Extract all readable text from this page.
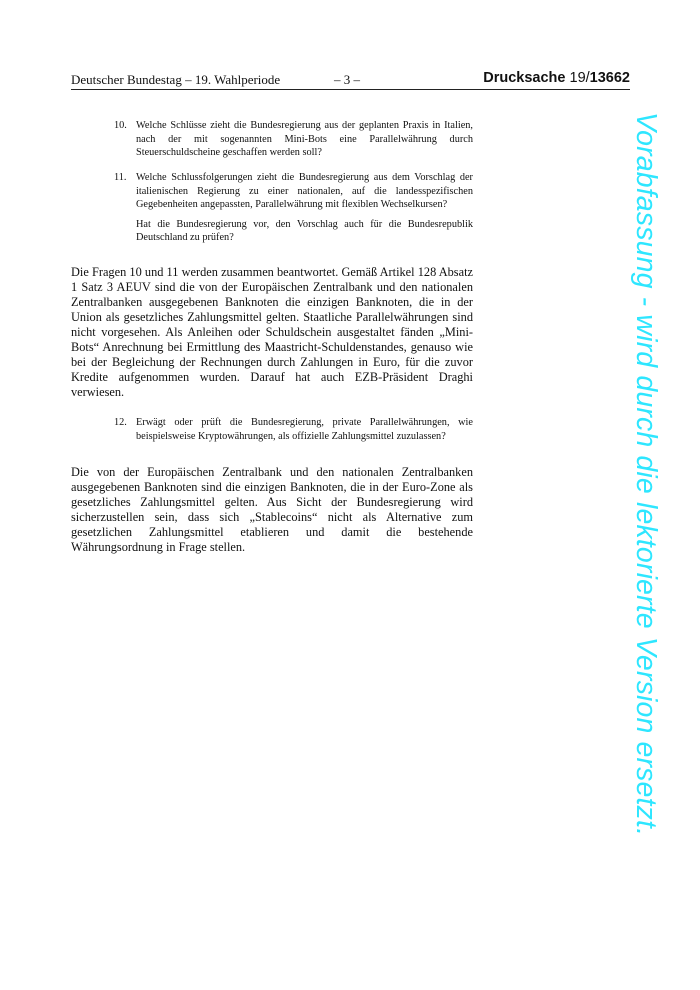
Deutscher Bundestag – 19. Wahlperiode	– 3 –	Drucksache 19/13662
10. Welche Schlüsse zieht die Bundesregierung aus der geplanten Praxis in Italien, nach der mit sogenannten Mini-Bots eine Parallelwährung durch Steuerschuldscheine geschaffen werden soll?
11. Welche Schlussfolgerungen zieht die Bundesregierung aus dem Vorschlag der italienischen Regierung zu einer nationalen, auf die landesspezifischen Gegebenheiten angepassten, Parallelwährung mit flexiblen Wechselkursen?
Hat die Bundesregierung vor, den Vorschlag auch für die Bundesrepublik Deutschland zu prüfen?
Die Fragen 10 und 11 werden zusammen beantwortet. Gemäß Artikel 128 Absatz 1 Satz 3 AEUV sind die von der Europäischen Zentralbank und den nationalen Zentralbanken ausgegebenen Banknoten die einzigen Banknoten, die in der Union als gesetzliches Zahlungsmittel gelten. Staatliche Parallelwährungen sind nicht vorgesehen. Als Anleihen oder Schuldschein ausgestaltet fänden „Mini-Bots“ Anrechnung bei Ermittlung des Maastricht-Schuldenstandes, genauso wie bei der Begleichung der Rechnungen durch Zahlungen in Euro, für die zuvor Kredite aufgenommen wurden. Darauf hat auch EZB-Präsident Draghi verwiesen.
12. Erwägt oder prüft die Bundesregierung, private Parallelwährungen, wie beispielsweise Kryptowährungen, als offizielle Zahlungsmittel zuzulassen?
Die von der Europäischen Zentralbank und den nationalen Zentralbanken ausgegebenen Banknoten sind die einzigen Banknoten, die in der Euro-Zone als gesetzliches Zahlungsmittel gelten. Aus Sicht der Bundesregierung wird sicherzustellen sein, dass sich „Stablecoins“ nicht als Alternative zum gesetzlichen Zahlungsmittel etablieren und damit die bestehende Währungsordnung in Frage stellen.	Vorabfassung - wird durch die lektorierte Version ersetzt.
